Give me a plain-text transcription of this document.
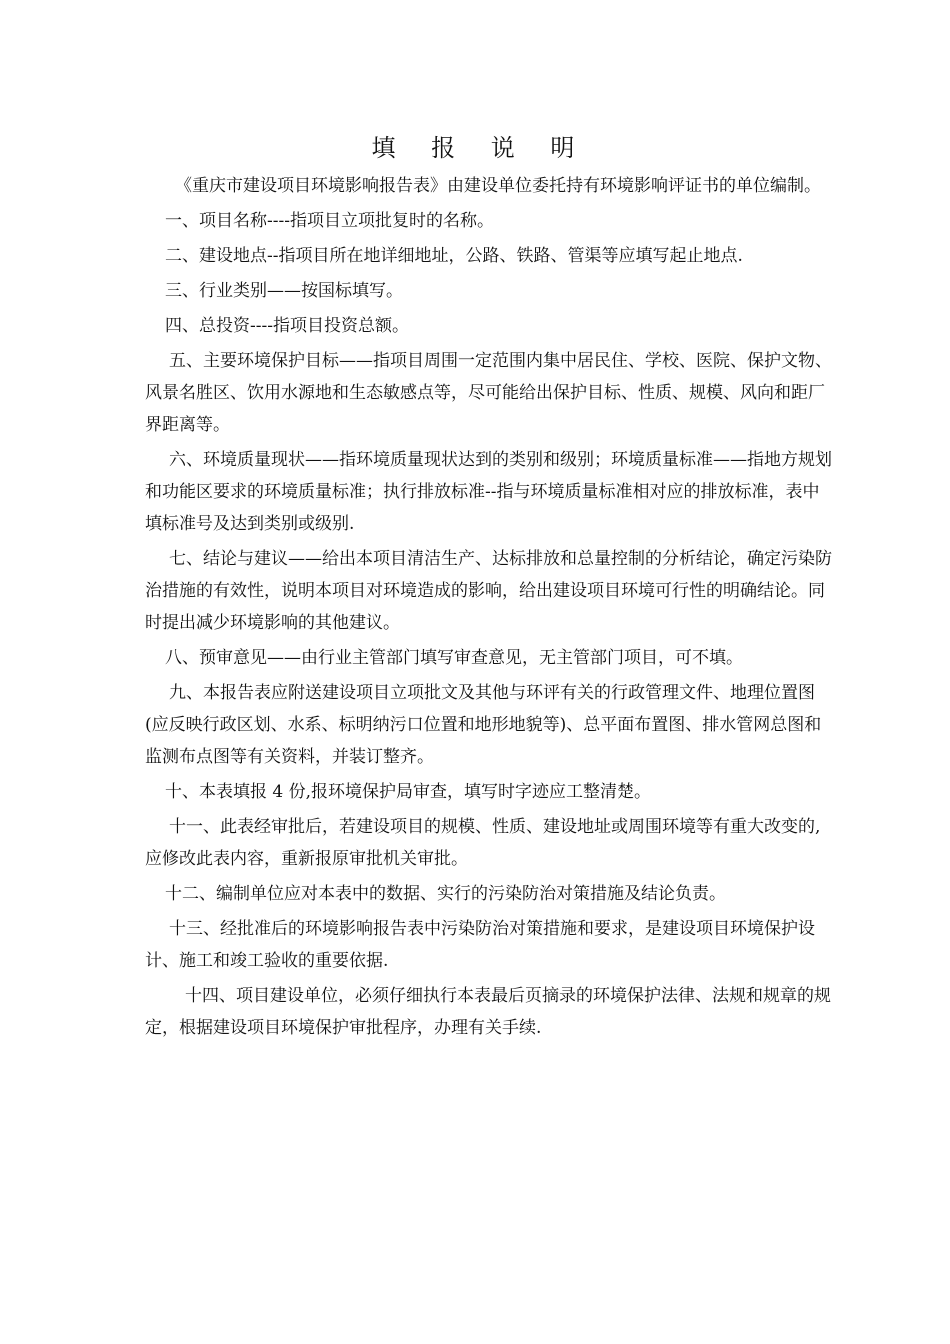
填 报 说 明

《重庆市建设项目环境影响报告表》由建设单位委托持有环境影响评证书的单位编制。

一、项目名称----指项目立项批复时的名称。

二、建设地点--指项目所在地详细地址，公路、铁路、管渠等应填写起止地点.

三、行业类别——按国标填写。

四、总投资----指项目投资总额。

五、主要环境保护目标——指项目周围一定范围内集中居民住、学校、医院、保护文物、风景名胜区、饮用水源地和生态敏感点等，尽可能给出保护目标、性质、规模、风向和距厂界距离等。

六、环境质量现状——指环境质量现状达到的类别和级别；环境质量标准——指地方规划和功能区要求的环境质量标准；执行排放标准--指与环境质量标准相对应的排放标准，表中填标准号及达到类别或级别.

七、结论与建议——给出本项目清洁生产、达标排放和总量控制的分析结论，确定污染防治措施的有效性，说明本项目对环境造成的影响，给出建设项目环境可行性的明确结论。同时提出减少环境影响的其他建议。

八、预审意见——由行业主管部门填写审查意见，无主管部门项目，可不填。

九、本报告表应附送建设项目立项批文及其他与环评有关的行政管理文件、地理位置图(应反映行政区划、水系、标明纳污口位置和地形地貌等)、总平面布置图、排水管网总图和监测布点图等有关资料，并装订整齐。

十、本表填报 4 份,报环境保护局审查，填写时字迹应工整清楚。

十一、此表经审批后，若建设项目的规模、性质、建设地址或周围环境等有重大改变的,应修改此表内容，重新报原审批机关审批。

十二、编制单位应对本表中的数据、实行的污染防治对策措施及结论负责。

十三、经批准后的环境影响报告表中污染防治对策措施和要求，是建设项目环境保护设计、施工和竣工验收的重要依据.

十四、项目建设单位，必须仔细执行本表最后页摘录的环境保护法律、法规和规章的规定，根据建设项目环境保护审批程序，办理有关手续.
